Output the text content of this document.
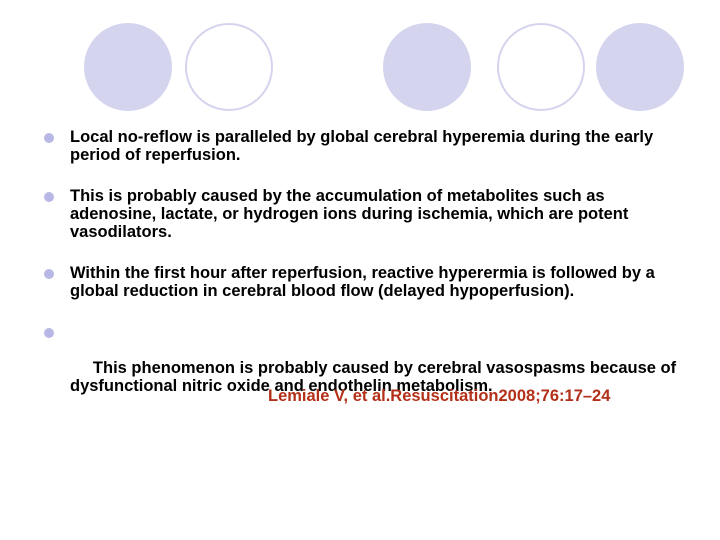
Local no-reflow is paralleled by global cerebral hyperemia during the early period of reperfusion.
This is probably caused by the accumulation of metabolites such as adenosine, lactate, or hydrogen ions during ischemia, which are potent vasodilators.
Within the first hour after reperfusion, reactive hyperermia is followed by a global reduction in cerebral blood flow (delayed hypoperfusion).

This phenomenon is probably caused by cerebral vasospasms because of dysfunctional nitric oxide and endothelin metabolism.

Lemiale V, et al.Resuscitation2008;76:17–24
